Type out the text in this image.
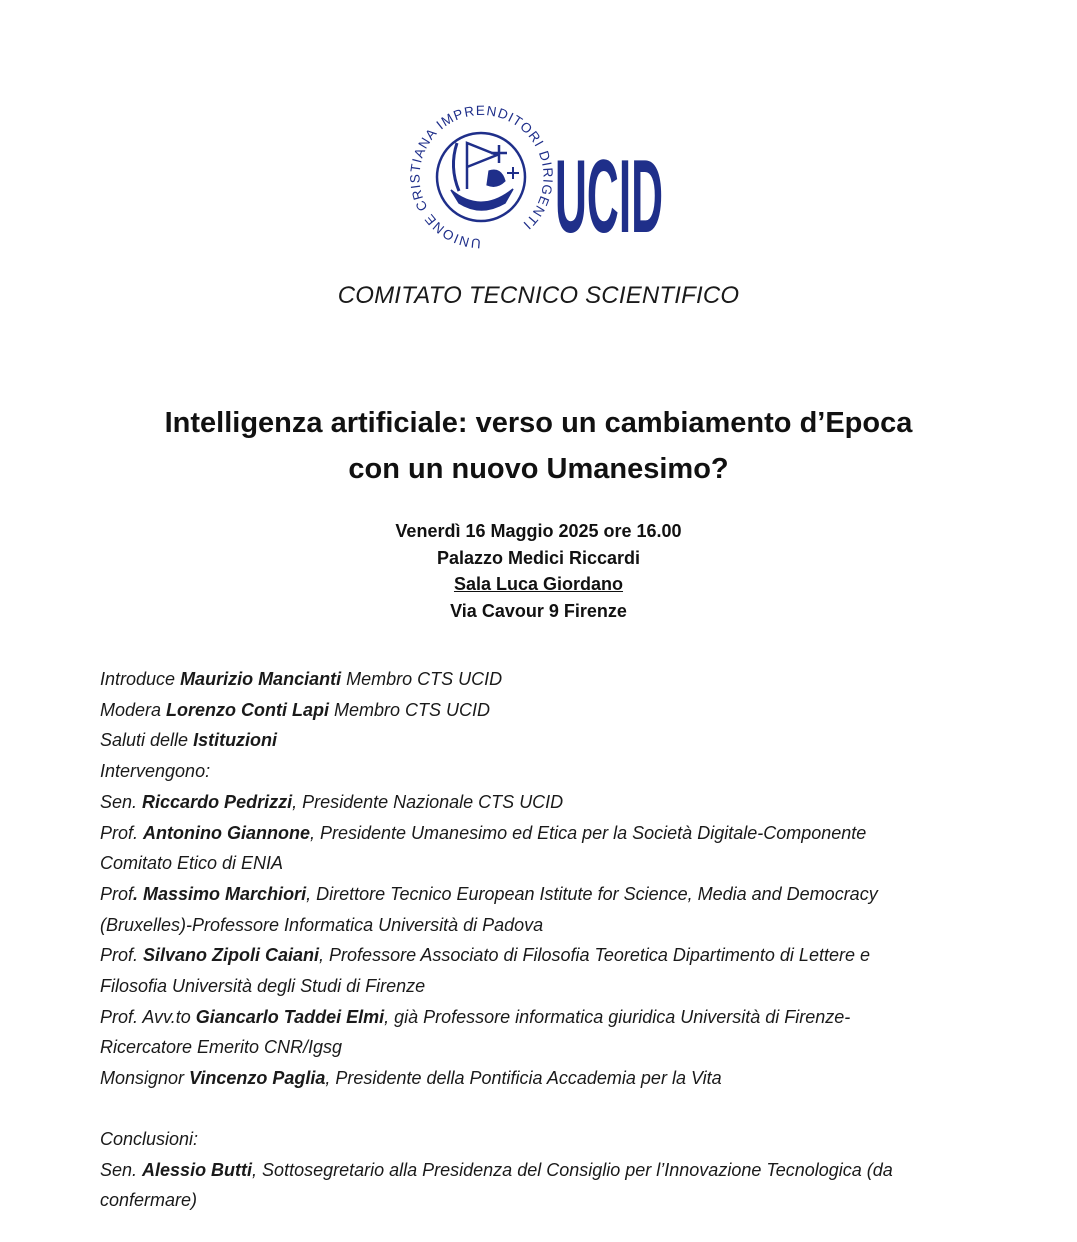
UNIONE CRISTIANA IMPRENDITORI DIRIGENTI UCID
COMITATO TECNICO SCIENTIFICO
Intelligenza artificiale: verso un cambiamento d’Epoca
con un nuovo Umanesimo?
Venerdì 16 Maggio 2025 ore 16.00
Palazzo Medici Riccardi
Sala Luca Giordano
Via Cavour 9 Firenze
Introduce Maurizio Mancianti Membro CTS UCID
Modera Lorenzo Conti Lapi Membro CTS UCID
Saluti delle Istituzioni
Intervengono:
Sen. Riccardo Pedrizzi, Presidente Nazionale CTS UCID
Prof. Antonino Giannone, Presidente Umanesimo ed Etica per la Società Digitale-Componente
Comitato Etico di ENIA
Prof. Massimo Marchiori, Direttore Tecnico European Istitute for Science, Media and Democracy
(Bruxelles)-Professore Informatica Università di Padova
Prof. Silvano Zipoli Caiani, Professore Associato di Filosofia Teoretica Dipartimento di Lettere e
Filosofia Università degli Studi di Firenze
Prof. Avv.to Giancarlo Taddei Elmi, già Professore informatica giuridica Università di Firenze-
Ricercatore Emerito CNR/Igsg
Monsignor Vincenzo Paglia, Presidente della Pontificia Accademia per la Vita
Conclusioni:
Sen. Alessio Butti, Sottosegretario alla Presidenza del Consiglio per l’Innovazione Tecnologica (da
confermare)
